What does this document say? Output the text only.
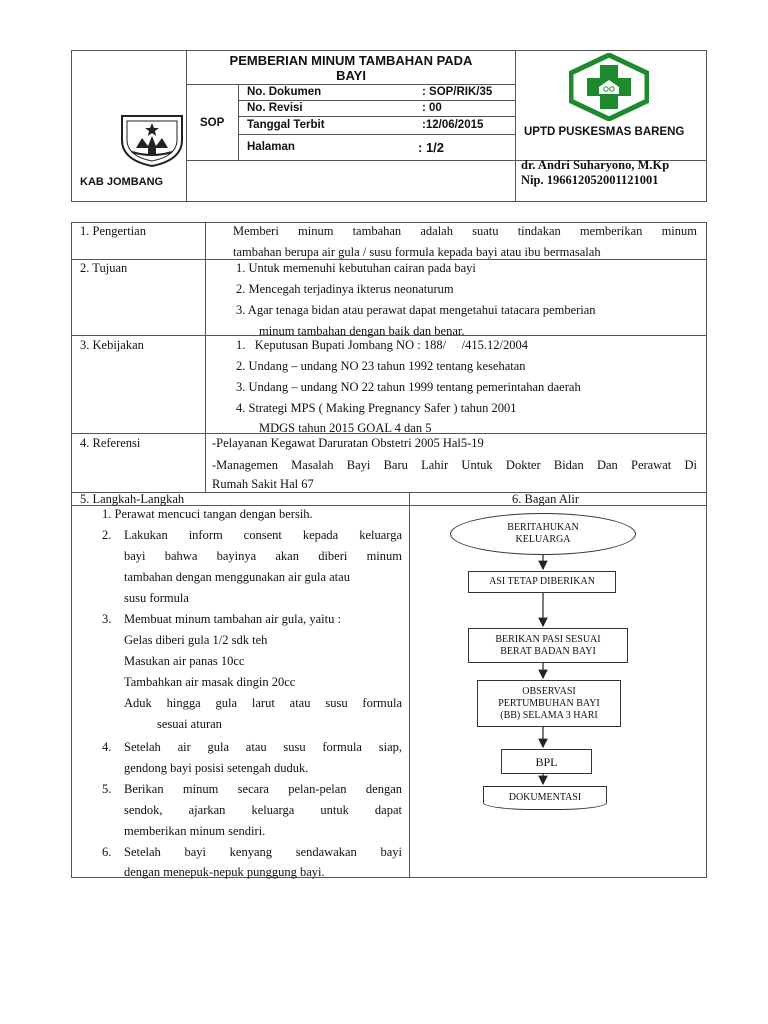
KAB JOMBANG
PEMBERIAN MINUM TAMBAHAN PADA
BAYI
SOP
No. Dokumen	: SOP/RIK/35
No. Revisi	: 00
Tanggal Terbit	:12/06/2015
Halaman	: 1/2
UPTD PUSKESMAS BARENG
dr. Andri Suharyono, M.Kp
Nip. 196612052001121001
1. Pengertian	Memberi minum tambahan adalah suatu tindakan memberikan minum
tambahan berupa air gula / susu formula kepada bayi atau ibu bermasalah
2. Tujuan	1. Untuk memenuhi kebutuhan cairan pada bayi
2. Mencegah terjadinya ikterus neonaturum
3. Agar tenaga bidan atau perawat dapat mengetahui tatacara pemberian
minum tambahan dengan baik dan benar.
3. Kebijakan	1.   Keputusan Bupati Jombang NO : 188/     /415.12/2004
2. Undang – undang NO 23 tahun 1992 tentang kesehatan
3. Undang – undang NO 22 tahun 1999 tentang pemerintahan daerah
4. Strategi MPS ( Making Pregnancy Safer ) tahun 2001
MDGS tahun 2015 GOAL 4 dan 5
4. Referensi	-Pelayanan Kegawat Daruratan Obstetri 2005 Hal5-19
-Managemen Masalah Bayi Baru Lahir Untuk Dokter Bidan Dan Perawat Di
Rumah Sakit Hal 67
5. Langkah-Langkah	6. Bagan Alir
1. Perawat mencuci tangan dengan bersih.
2. Lakukan inform consent kepada keluarga
bayi bahwa bayinya akan diberi minum
tambahan dengan menggunakan air gula atau
susu formula
3. Membuat minum tambahan air gula, yaitu :
Gelas diberi gula 1/2 sdk teh
Masukan air panas 10cc
Tambahkan air masak dingin 20cc
Aduk hingga gula larut atau susu formula
sesuai aturan
4. Setelah air gula atau susu formula siap,
gendong bayi posisi setengah duduk.
5. Berikan minum secara pelan-pelan dengan
sendok, ajarkan keluarga untuk dapat
memberikan minum sendiri.
6. Setelah bayi kenyang sendawakan bayi
dengan menepuk-nepuk punggung bayi.
BERITAHUKAN
KELUARGA
ASI TETAP DIBERIKAN
BERIKAN PASI SESUAI
BERAT BADAN BAYI
OBSERVASI
PERTUMBUHAN BAYI
(BB) SELAMA 3 HARI
BPL
DOKUMENTASI
